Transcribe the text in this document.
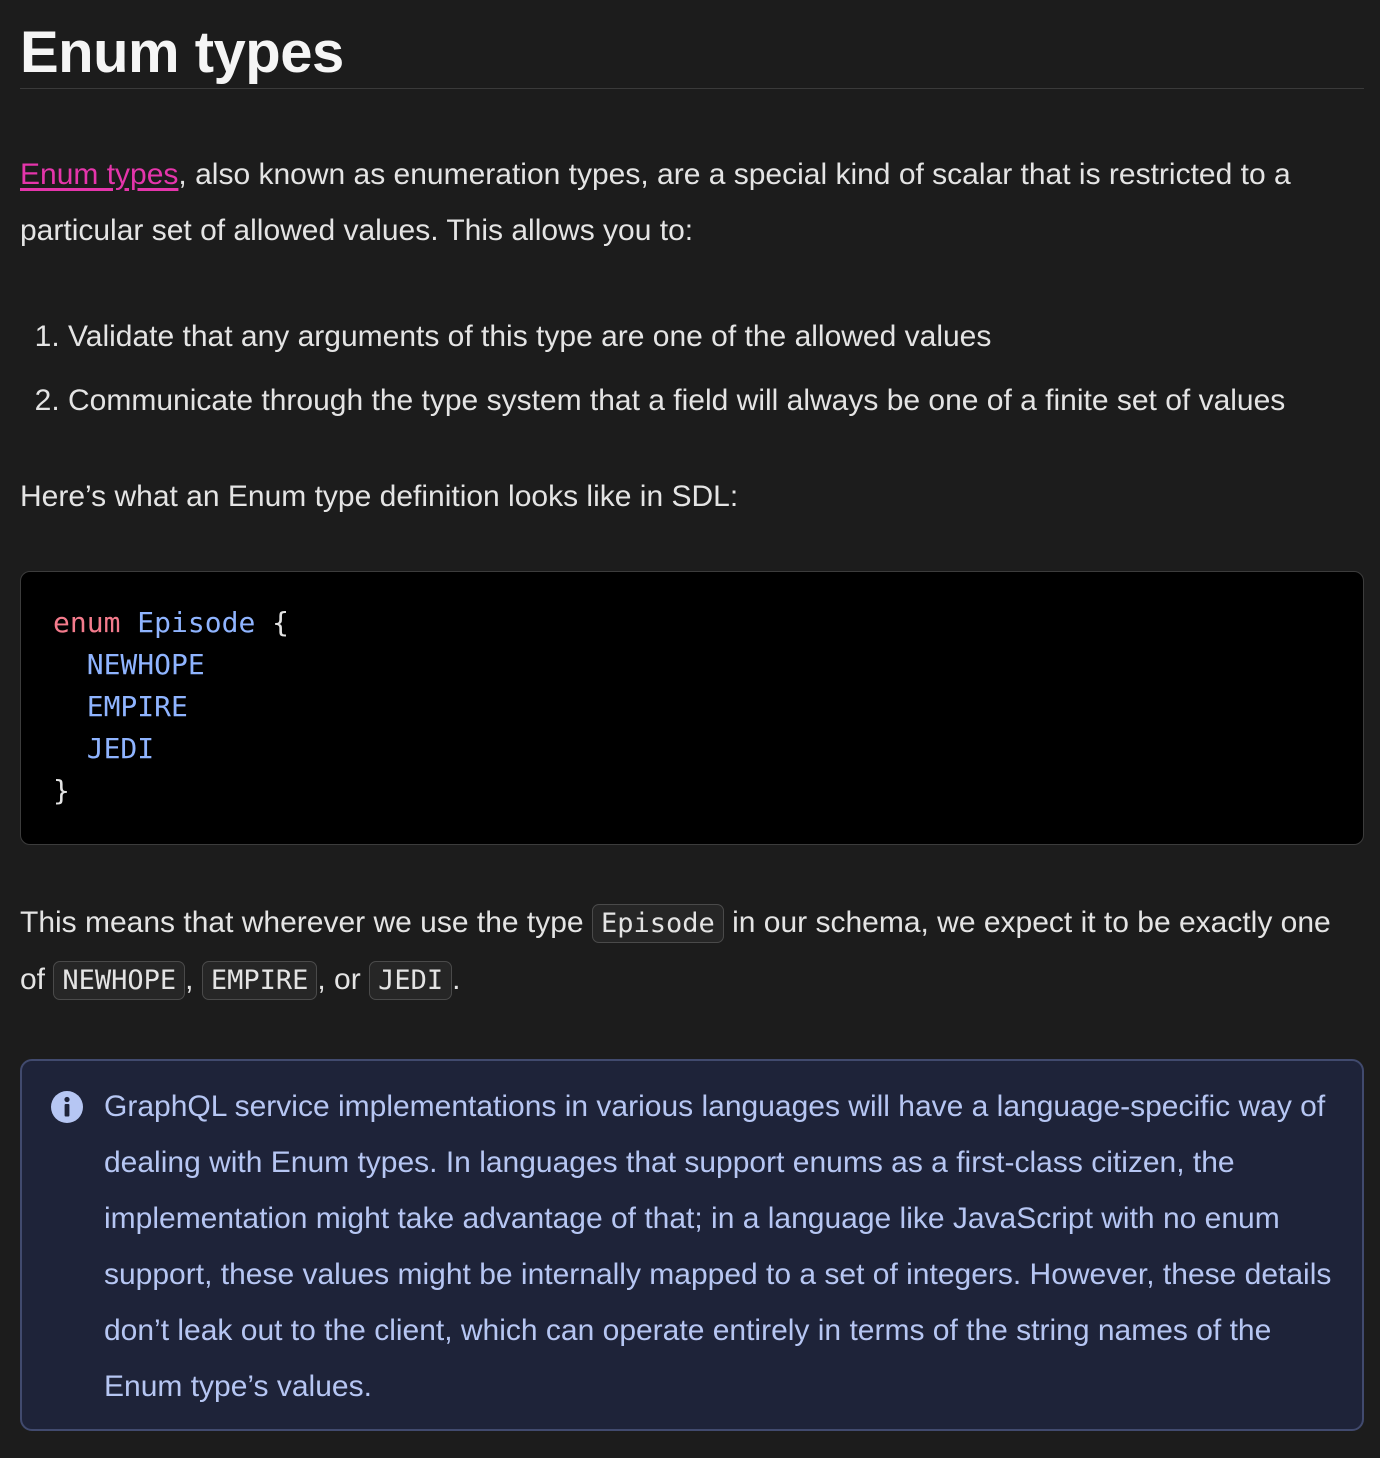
Enum types

Enum types, also known as enumeration types, are a special kind of scalar that is restricted to a particular set of allowed values. This allows you to:

1. Validate that any arguments of this type are one of the allowed values
2. Communicate through the type system that a field will always be one of a finite set of values

Here’s what an Enum type definition looks like in SDL:

enum Episode {
NEWHOPE
EMPIRE
JEDI
}

This means that wherever we use the type Episode in our schema, we expect it to be exactly one of NEWHOPE , EMPIRE , or JEDI .

GraphQL service implementations in various languages will have a language-specific way of dealing with Enum types. In languages that support enums as a first-class citizen, the implementation might take advantage of that; in a language like JavaScript with no enum support, these values might be internally mapped to a set of integers. However, these details don’t leak out to the client, which can operate entirely in terms of the string names of the Enum type’s values.
